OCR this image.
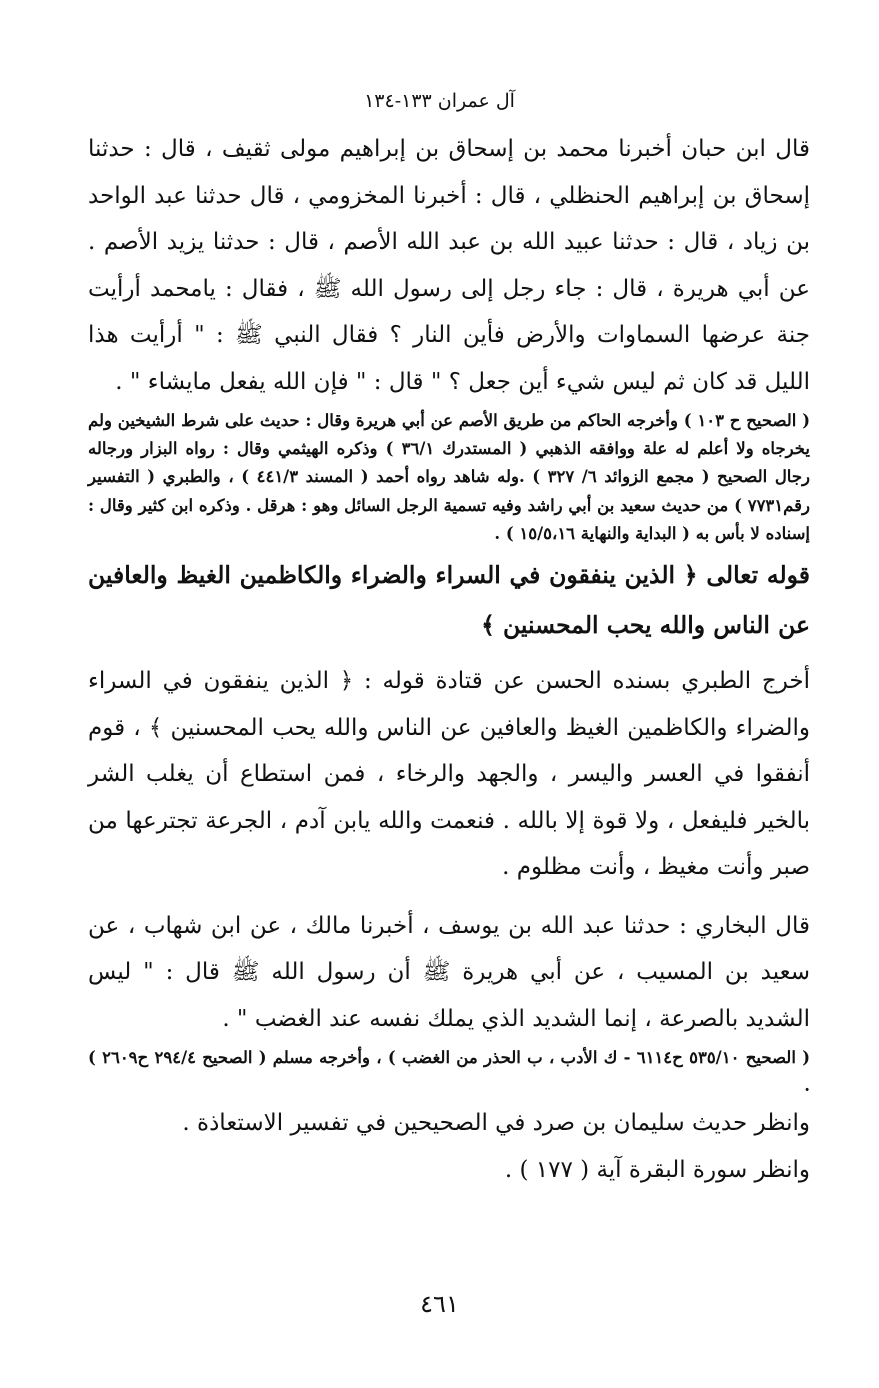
آل عمران ١٣٣-١٣٤

قال ابن حبان أخبرنا محمد بن إسحاق بن إبراهيم مولى ثقيف ، قال : حدثنا إسحاق بن إبراهيم الحنظلي ، قال : أخبرنا المخزومي ، قال حدثنا عبد الواحد بن زياد ، قال : حدثنا عبيد الله بن عبد الله الأصم ، قال : حدثنا يزيد الأصم . عن أبي هريرة ، قال : جاء رجل إلى رسول الله ﷺ ، فقال : يامحمد أرأيت جنة عرضها السماوات والأرض فأين النار ؟ فقال النبي ﷺ : " أرأيت هذا الليل قد كان ثم ليس شيء أين جعل ؟ " قال : " فإن الله يفعل مايشاء " .

( الصحيح ح ١٠٣ ) وأخرجه الحاكم من طريق الأصم عن أبي هريرة وقال : حديث على شرط الشيخين ولم يخرجاه ولا أعلم له علة ووافقه الذهبي ( المستدرك ٣٦/١ ) وذكره الهيثمي وقال : رواه البزار ورجاله رجال الصحيح ( مجمع الزوائد ٦/ ٣٢٧ ) .وله شاهد رواه أحمد ( المسند ٤٤١/٣ ) ، والطبري ( التفسير رقم٧٧٣١ ) من حديث سعيد بن أبي راشد وفيه تسمية الرجل السائل وهو : هرقل . وذكره ابن كثير وقال : إسناده لا بأس به ( البداية والنهاية ١٥/٥،١٦ ) .

قوله تعالى ﴿ الذين ينفقون في السراء والضراء والكاظمين الغيظ والعافين عن الناس والله يحب المحسنين ﴾

أخرج الطبري بسنده الحسن عن قتادة قوله : ﴿ الذين ينفقون في السراء والضراء والكاظمين الغيظ والعافين عن الناس والله يحب المحسنين ﴾ ، قوم أنفقوا في العسر واليسر ، والجهد والرخاء ، فمن استطاع أن يغلب الشر بالخير فليفعل ، ولا قوة إلا بالله . فنعمت والله يابن آدم ، الجرعة تجترعها من صبر وأنت مغيظ ، وأنت مظلوم .

قال البخاري : حدثنا عبد الله بن يوسف ، أخبرنا مالك ، عن ابن شهاب ، عن سعيد بن المسيب ، عن أبي هريرة ﷺ أن رسول الله ﷺ قال : " ليس الشديد بالصرعة ، إنما الشديد الذي يملك نفسه عند الغضب " .

( الصحيح ٥٣٥/١٠ ح٦١١٤ - ك الأدب ، ب الحذر من الغضب ) ، وأخرجه مسلم ( الصحيح ٢٩٤/٤ ح٢٦٠٩ ) .

وانظر حديث سليمان بن صرد في الصحيحين في تفسير الاستعاذة .

وانظر سورة البقرة آية ( ١٧٧ ) .

٤٦١
